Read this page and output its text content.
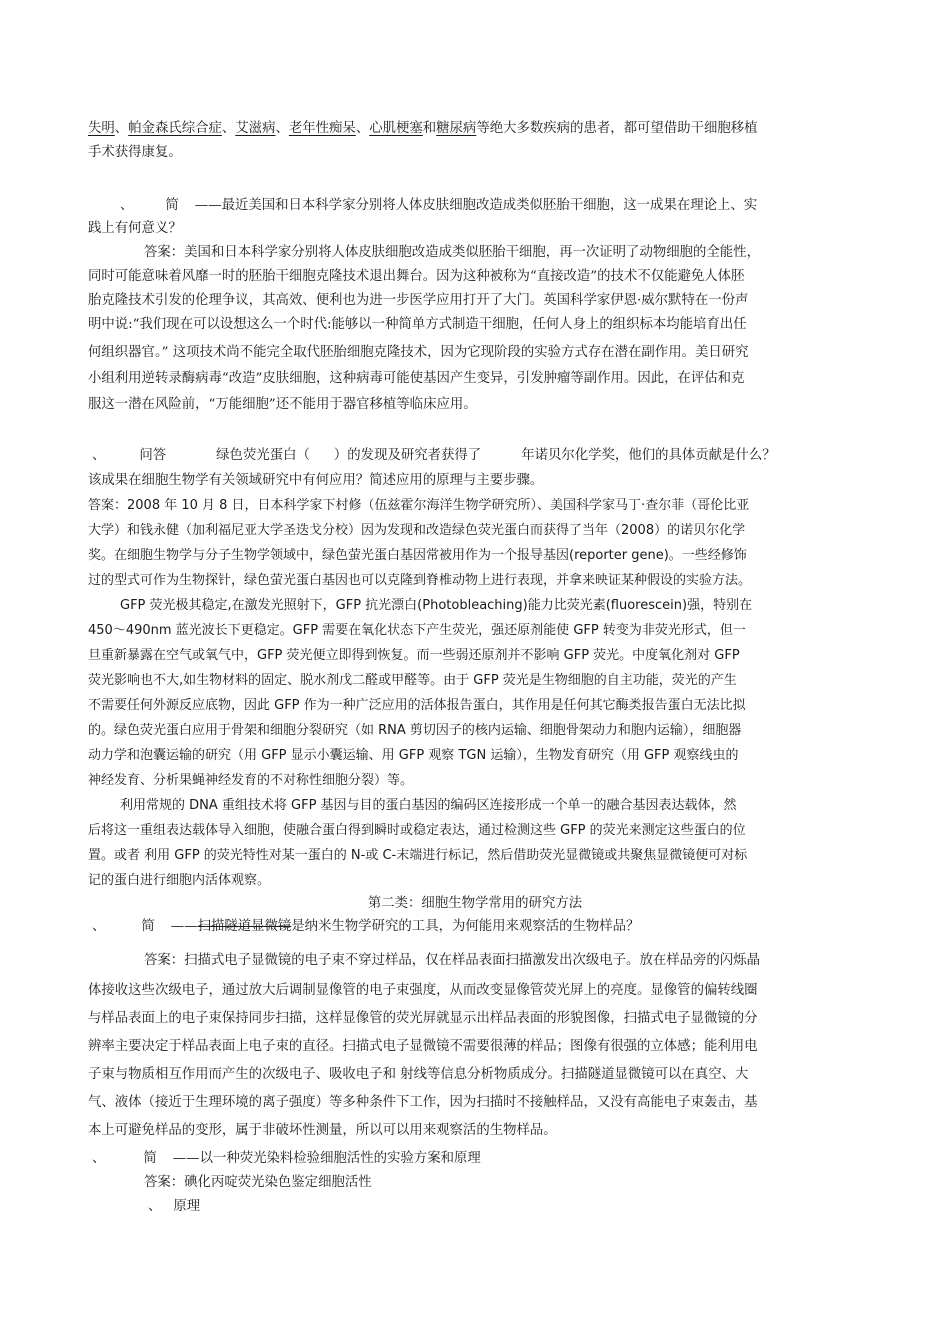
失明、帕金森氏综合症、艾滋病、老年性痴呆、心肌梗塞和糖尿病等绝大多数疾病的患者，都可望借助干细胞移植
手术获得康复。
、 简 ——最近美国和日本科学家分别将人体皮肤细胞改造成类似胚胎干细胞，这一成果在理论上、实
践上有何意义？
答案：美国和日本科学家分别将人体皮肤细胞改造成类似胚胎干细胞，再一次证明了动物细胞的全能性，
同时可能意味着风靡一时的胚胎干细胞克隆技术退出舞台。因为这种被称为“直接改造”的技术不仅能避免人体胚
胎克隆技术引发的伦理争议，其高效、便利也为进一步医学应用打开了大门。英国科学家伊恩·威尔默特在一份声
明中说:“我们现在可以设想这么一个时代:能够以一种简单方式制造干细胞，任何人身上的组织标本均能培育出任
何组织器官。” 这项技术尚不能完全取代胚胎细胞克隆技术，因为它现阶段的实验方式存在潜在副作用。美日研究
小组利用逆转录酶病毒“改造”皮肤细胞，这种病毒可能使基因产生变异，引发肿瘤等副作用。因此，在评估和克
服这一潜在风险前，“万能细胞”还不能用于器官移植等临床应用。
、	问答	绿色荧光蛋白（ ）的发现及研究者获得了	年诺贝尔化学奖，他们的具体贡献是什么？
该成果在细胞生物学有关领域研究中有何应用？简述应用的原理与主要步骤。
答案：2008 年 10 月 8 日，日本科学家下村修（伍兹霍尔海洋生物学研究所）、美国科学家马丁·查尔菲（哥伦比亚
大学）和钱永健（加利福尼亚大学圣迭戈分校）因为发现和改造绿色荧光蛋白而获得了当年（2008）的诺贝尔化学
奖。在细胞生物学与分子生物学领域中，绿色萤光蛋白基因常被用作为一个报导基因(reporter gene)。一些经修饰
过的型式可作为生物探针，绿色萤光蛋白基因也可以克隆到脊椎动物上进行表现，并拿来映证某种假设的实验方法。
GFP 荧光极其稳定,在激发光照射下，GFP 抗光漂白(Photobleaching)能力比荧光素(fluorescein)强，特别在
450～490nm 蓝光波长下更稳定。GFP 需要在氧化状态下产生荧光，强还原剂能使 GFP 转变为非荧光形式，但一
旦重新暴露在空气或氧气中，GFP 荧光便立即得到恢复。而一些弱还原剂并不影响 GFP 荧光。中度氧化剂对 GFP
荧光影响也不大,如生物材料的固定、脱水剂戊二醛或甲醛等。由于 GFP 荧光是生物细胞的自主功能，荧光的产生
不需要任何外源反应底物，因此 GFP 作为一种广泛应用的活体报告蛋白，其作用是任何其它酶类报告蛋白无法比拟
的。绿色荧光蛋白应用于骨架和细胞分裂研究（如 RNA 剪切因子的核内运输、细胞骨架动力和胞内运输），细胞器
动力学和泡囊运输的研究（用 GFP 显示小囊运输、用 GFP 观察 TGN 运输），生物发育研究（用 GFP 观察线虫的
神经发育、分析果蝇神经发育的不对称性细胞分裂）等。
利用常规的 DNA 重组技术将 GFP 基因与目的蛋白基因的编码区连接形成一个单一的融合基因表达载体，然
后将这一重组表达载体导入细胞，使融合蛋白得到瞬时或稳定表达，通过检测这些 GFP 的荧光来测定这些蛋白的位
置。或者 利用 GFP 的荧光特性对某一蛋白的 N-或 C-末端进行标记，然后借助荧光显微镜或共聚焦显微镜便可对标
记的蛋白进行细胞内活体观察。
第二类：细胞生物学常用的研究方法
、	简 ——扫描隧道显微镜是纳米生物学研究的工具，为何能用来观察活的生物样品？
答案：扫描式电子显微镜的电子束不穿过样品，仅在样品表面扫描激发出次级电子。放在样品旁的闪烁晶
体接收这些次级电子，通过放大后调制显像管的电子束强度，从而改变显像管荧光屏上的亮度。显像管的偏转线圈
与样品表面上的电子束保持同步扫描，这样显像管的荧光屏就显示出样品表面的形貌图像，扫描式电子显微镜的分
辨率主要决定于样品表面上电子束的直径。扫描式电子显微镜不需要很薄的样品；图像有很强的立体感；能利用电
子束与物质相互作用而产生的次级电子、吸收电子和 射线等信息分析物质成分。扫描隧道显微镜可以在真空、大
气、液体（接近于生理环境的离子强度）等多种条件下工作，因为扫描时不接触样品，又没有高能电子束轰击，基
本上可避免样品的变形，属于非破坏性测量，所以可以用来观察活的生物样品。
、	简 ——以一种荧光染料检验细胞活性的实验方案和原理
答案：碘化丙啶荧光染色鉴定细胞活性
、 原理
